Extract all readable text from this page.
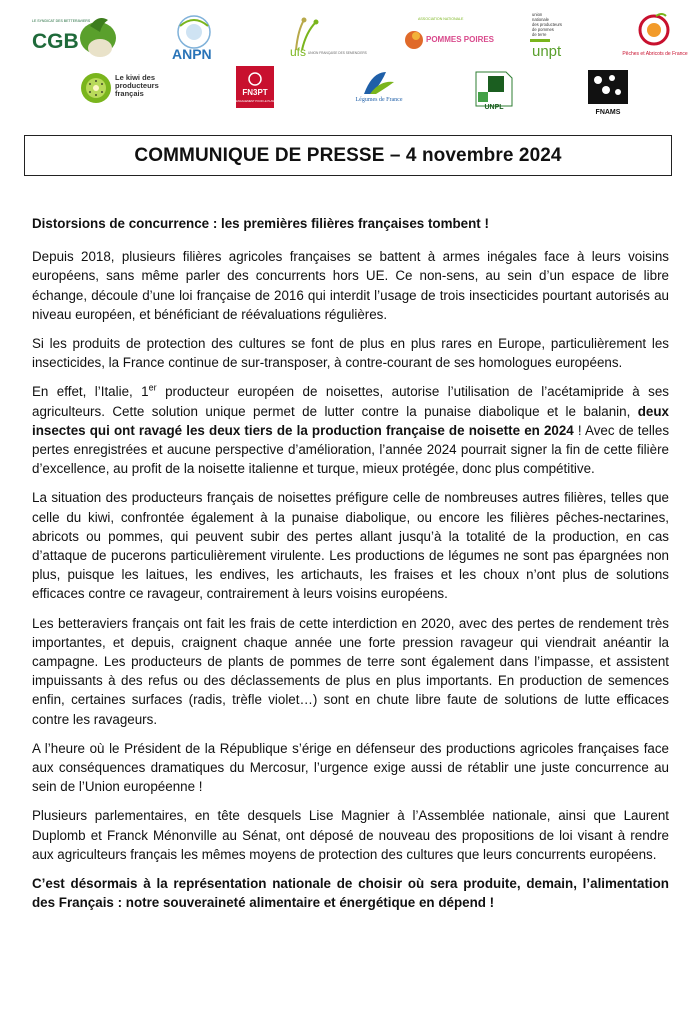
CGB
LE SYNDICAT DES BETTERAVIERS
ANPN	ufs UNION FRANÇAISE DES SEMENCIERS
ASSOCIATION NATIONALE
POMMES POIRES
union nationale des producteurs de pommes de terre
unpt	Pêches et Abricots de France
Le kiwi des producteurs français	FN3PT
L'ENGAGEMENT POUR LE PLANT	Légumes de France
UNPL
FNAMS
COMMUNIQUE DE PRESSE – 4 novembre 2024

Distorsions de concurrence : les premières filières françaises tombent !

Depuis 2018, plusieurs filières agricoles françaises se battent à armes inégales face à leurs voisins européens, sans même parler des concurrents hors UE. Ce non-sens, au sein d’un espace de libre échange, découle d’une loi française de 2016 qui interdit l’usage de trois insecticides pourtant autorisés au niveau européen, et bénéficiant de réévaluations régulières.

Si les produits de protection des cultures se font de plus en plus rares en Europe, particulièrement les insecticides, la France continue de sur-transposer, à contre-courant de ses homologues européens.

En effet, l’Italie, 1er producteur européen de noisettes, autorise l’utilisation de l’acétamipride à ses agriculteurs. Cette solution unique permet de lutter contre la punaise diabolique et le balanin, deux insectes qui ont ravagé les deux tiers de la production française de noisette en 2024 ! Avec de telles pertes enregistrées et aucune perspective d’amélioration, l’année 2024 pourrait signer la fin de cette filière d’excellence, au profit de la noisette italienne et turque, mieux protégée, donc plus compétitive.

La situation des producteurs français de noisettes préfigure celle de nombreuses autres filières, telles que celle du kiwi, confrontée également à la punaise diabolique, ou encore les filières pêches-nectarines, abricots ou pommes, qui peuvent subir des pertes allant jusqu’à la totalité de la production, en cas d’attaque de pucerons particulièrement virulente. Les productions de légumes ne sont pas épargnées non plus, puisque les laitues, les endives, les artichauts, les fraises et les choux n’ont plus de solutions efficaces contre ce ravageur, contrairement à leurs voisins européens.

Les betteraviers français ont fait les frais de cette interdiction en 2020, avec des pertes de rendement très importantes, et depuis, craignent chaque année une forte pression ravageur qui viendrait anéantir la campagne. Les producteurs de plants de pommes de terre sont également dans l’impasse, et assistent impuissants à des refus ou des déclassements de plus en plus importants. En production de semences enfin, certaines surfaces (radis, trèfle violet…) sont en chute libre faute de solutions de lutte efficaces contre les ravageurs.

A l’heure où le Président de la République s’érige en défenseur des productions agricoles françaises face aux conséquences dramatiques du Mercosur, l’urgence exige aussi de rétablir une juste concurrence au sein de l’Union européenne !

Plusieurs parlementaires, en tête desquels Lise Magnier à l’Assemblée nationale, ainsi que Laurent Duplomb et Franck Ménonville au Sénat, ont déposé de nouveau des propositions de loi visant à rendre aux agriculteurs français les mêmes moyens de protection des cultures que leurs concurrents européens.

C’est désormais à la représentation nationale de choisir où sera produite, demain, l’alimentation des Français : notre souveraineté alimentaire et énergétique en dépend !
